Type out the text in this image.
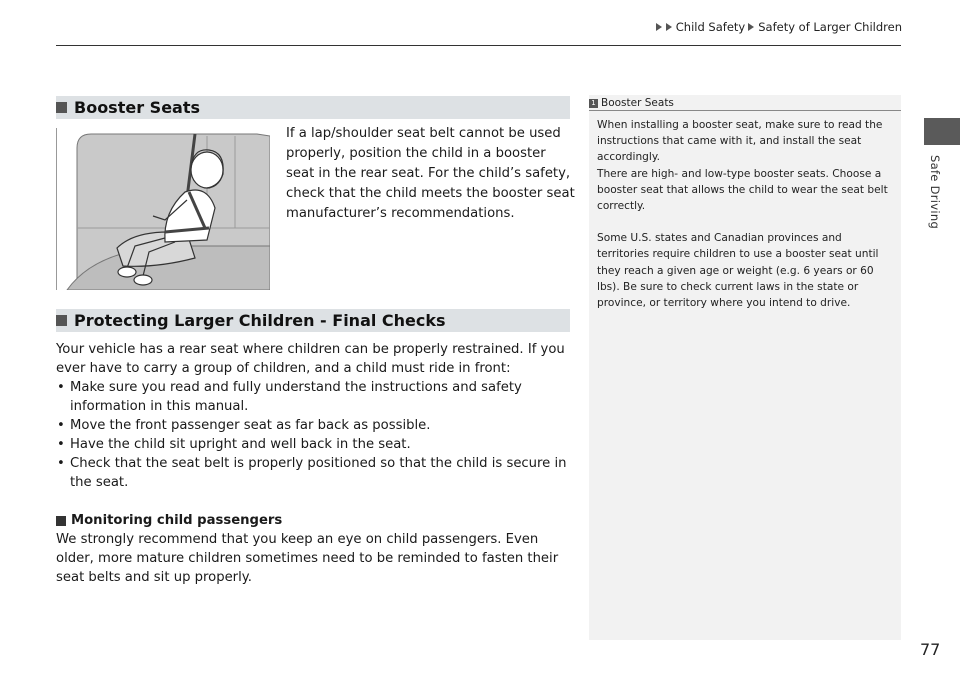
Child Safety Safety of Larger Children
Booster Seats

If a lap/shoulder seat belt cannot be used properly, position the child in a booster seat in the rear seat. For the child’s safety, check that the child meets the booster seat manufacturer’s recommendations.

Protecting Larger Children - Final Checks

Your vehicle has a rear seat where children can be properly restrained. If you ever have to carry a group of children, and a child must ride in front:

• Make sure you read and fully understand the instructions and safety information in this manual.
• Move the front passenger seat as far back as possible.
• Have the child sit upright and well back in the seat.
• Check that the seat belt is properly positioned so that the child is secure in the seat.

Monitoring child passengers

We strongly recommend that you keep an eye on child passengers. Even older, more mature children sometimes need to be reminded to fasten their seat belts and sit up properly.

1 Booster Seats

When installing a booster seat, make sure to read the instructions that came with it, and install the seat accordingly.

There are high- and low-type booster seats. Choose a booster seat that allows the child to wear the seat belt correctly.

Some U.S. states and Canadian provinces and territories require children to use a booster seat until they reach a given age or weight (e.g. 6 years or 60 lbs). Be sure to check current laws in the state or province, or territory where you intend to drive.

Safe Driving
77
